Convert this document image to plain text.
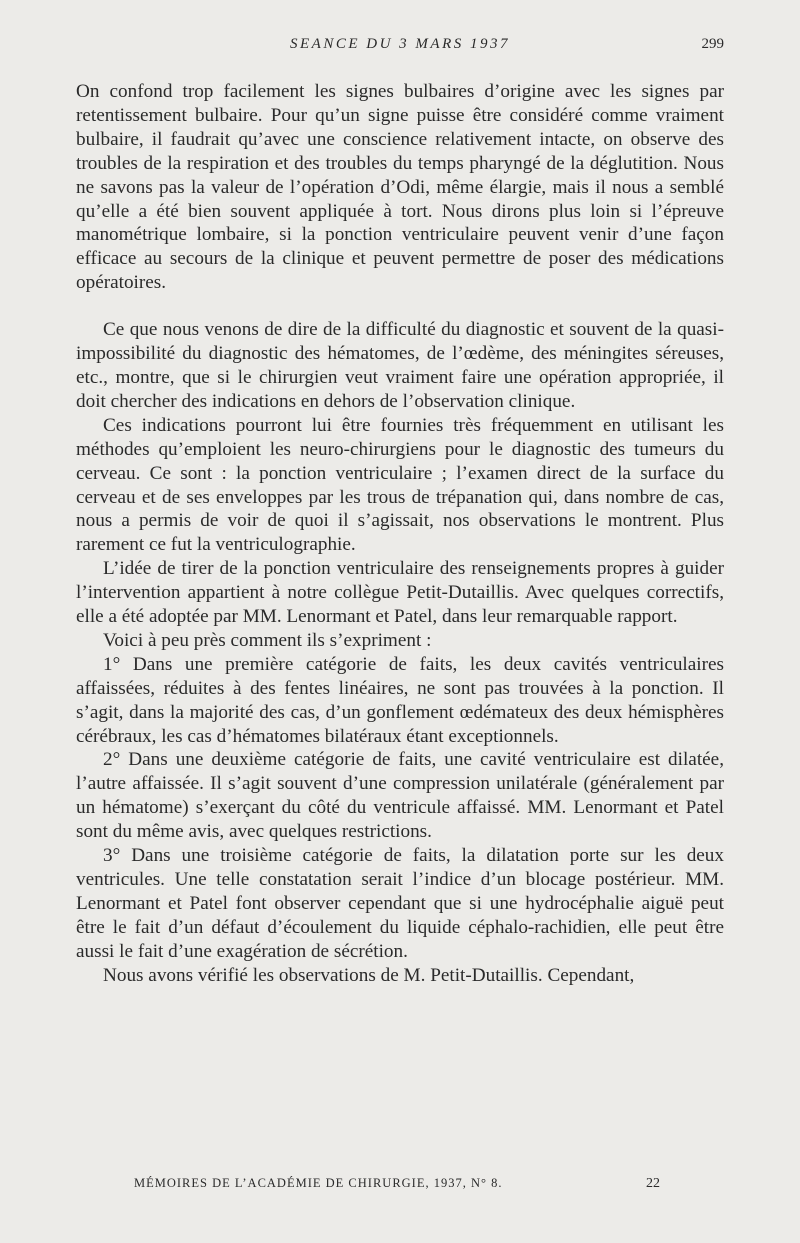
SEANCE DU 3 MARS 1937	299

On confond trop facilement les signes bulbaires d’origine avec les signes par retentissement bulbaire. Pour qu’un signe puisse être considéré comme vraiment bulbaire, il faudrait qu’avec une conscience relativement intacte, on observe des troubles de la respiration et des troubles du temps pharyngé de la déglutition. Nous ne savons pas la valeur de l’opération d’Odi, même élargie, mais il nous a semblé qu’elle a été bien souvent appliquée à tort. Nous dirons plus loin si l’épreuve manométrique lombaire, si la ponction ventriculaire peuvent venir d’une façon efficace au secours de la clinique et peuvent permettre de poser des médications opératoires.

Ce que nous venons de dire de la difficulté du diagnostic et souvent de la quasi-impossibilité du diagnostic des hématomes, de l’œdème, des méningites séreuses, etc., montre, que si le chirurgien veut vraiment faire une opération appropriée, il doit chercher des indications en dehors de l’observation clinique.

Ces indications pourront lui être fournies très fréquemment en utilisant les méthodes qu’emploient les neuro-chirurgiens pour le diagnostic des tumeurs du cerveau. Ce sont : la ponction ventriculaire ; l’examen direct de la surface du cerveau et de ses enveloppes par les trous de trépanation qui, dans nombre de cas, nous a permis de voir de quoi il s’agissait, nos observations le montrent. Plus rarement ce fut la ventriculographie.

L’idée de tirer de la ponction ventriculaire des renseignements propres à guider l’intervention appartient à notre collègue Petit-Dutaillis. Avec quelques correctifs, elle a été adoptée par MM. Lenormant et Patel, dans leur remarquable rapport.

Voici à peu près comment ils s’expriment :

1° Dans une première catégorie de faits, les deux cavités ventriculaires affaissées, réduites à des fentes linéaires, ne sont pas trouvées à la ponction. Il s’agit, dans la majorité des cas, d’un gonflement œdémateux des deux hémisphères cérébraux, les cas d’hématomes bilatéraux étant exceptionnels.

2° Dans une deuxième catégorie de faits, une cavité ventriculaire est dilatée, l’autre affaissée. Il s’agit souvent d’une compression unilatérale (généralement par un hématome) s’exerçant du côté du ventricule affaissé. MM. Lenormant et Patel sont du même avis, avec quelques restrictions.

3° Dans une troisième catégorie de faits, la dilatation porte sur les deux ventricules. Une telle constatation serait l’indice d’un blocage postérieur. MM. Lenormant et Patel font observer cependant que si une hydrocéphalie aiguë peut être le fait d’un défaut d’écoulement du liquide céphalo-rachidien, elle peut être aussi le fait d’une exagération de sécrétion.

Nous avons vérifié les observations de M. Petit-Dutaillis. Cependant,

MÉMOIRES DE L’ACADÉMIE DE CHIRURGIE, 1937, N° 8.	22
